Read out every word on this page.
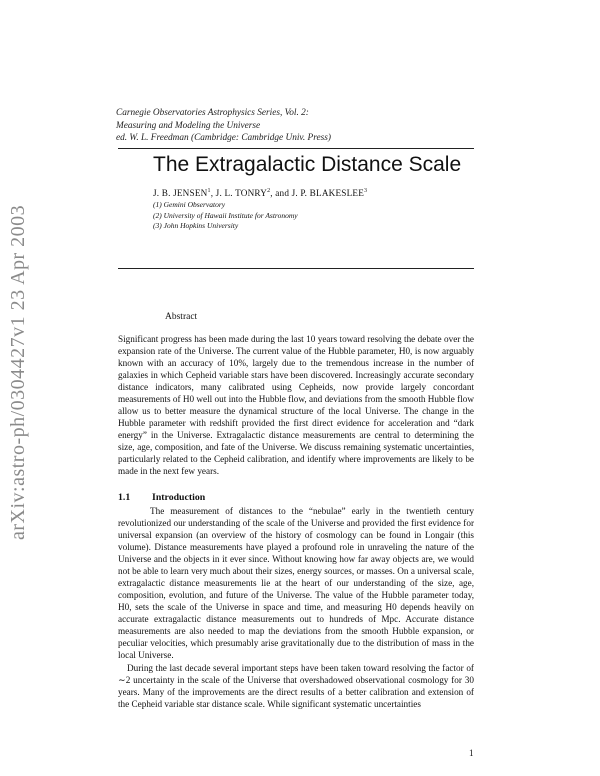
arXiv:astro-ph/0304427v1 23 Apr 2003
Carnegie Observatories Astrophysics Series, Vol. 2:
Measuring and Modeling the Universe
ed. W. L. Freedman (Cambridge: Cambridge Univ. Press)
The Extragalactic Distance Scale
J. B. JENSEN$^1$, J. L. TONRY$^2$, and J. P. BLAKESLEE$^3$
(1) Gemini Observatory
(2) University of Hawaii Institute for Astronomy
(3) John Hopkins University
Abstract
Significant progress has been made during the last 10 years toward resolving the debate over the expansion rate of the Universe. The current value of the Hubble parameter, H0, is now arguably known with an accuracy of 10%, largely due to the tremendous increase in the number of galaxies in which Cepheid variable stars have been discovered. Increasingly accurate secondary distance indicators, many calibrated using Cepheids, now provide largely concordant measurements of H0 well out into the Hubble flow, and deviations from the smooth Hubble flow allow us to better measure the dynamical structure of the local Universe. The change in the Hubble parameter with redshift provided the first direct evidence for acceleration and “dark energy” in the Universe. Extragalactic distance measurements are central to determining the size, age, composition, and fate of the Universe. We discuss remaining systematic uncertainties, particularly related to the Cepheid calibration, and identify where improvements are likely to be made in the next few years.
1.1 Introduction

The measurement of distances to the “nebulae” early in the twentieth century revolutionized our understanding of the scale of the Universe and provided the first evidence for universal expansion (an overview of the history of cosmology can be found in Longair (this volume). Distance measurements have played a profound role in unraveling the nature of the Universe and the objects in it ever since. Without knowing how far away objects are, we would not be able to learn very much about their sizes, energy sources, or masses. On a universal scale, extragalactic distance measurements lie at the heart of our understanding of the size, age, composition, evolution, and future of the Universe. The value of the Hubble parameter today, H0, sets the scale of the Universe in space and time, and measuring H0 depends heavily on accurate extragalactic distance measurements out to hundreds of Mpc. Accurate distance measurements are also needed to map the deviations from the smooth Hubble expansion, or peculiar velocities, which presumably arise gravitationally due to the distribution of mass in the local Universe.

During the last decade several important steps have been taken toward resolving the factor of ∼2 uncertainty in the scale of the Universe that overshadowed observational cosmology for 30 years. Many of the improvements are the direct results of a better calibration and extension of the Cepheid variable star distance scale. While significant systematic uncertainties

1
